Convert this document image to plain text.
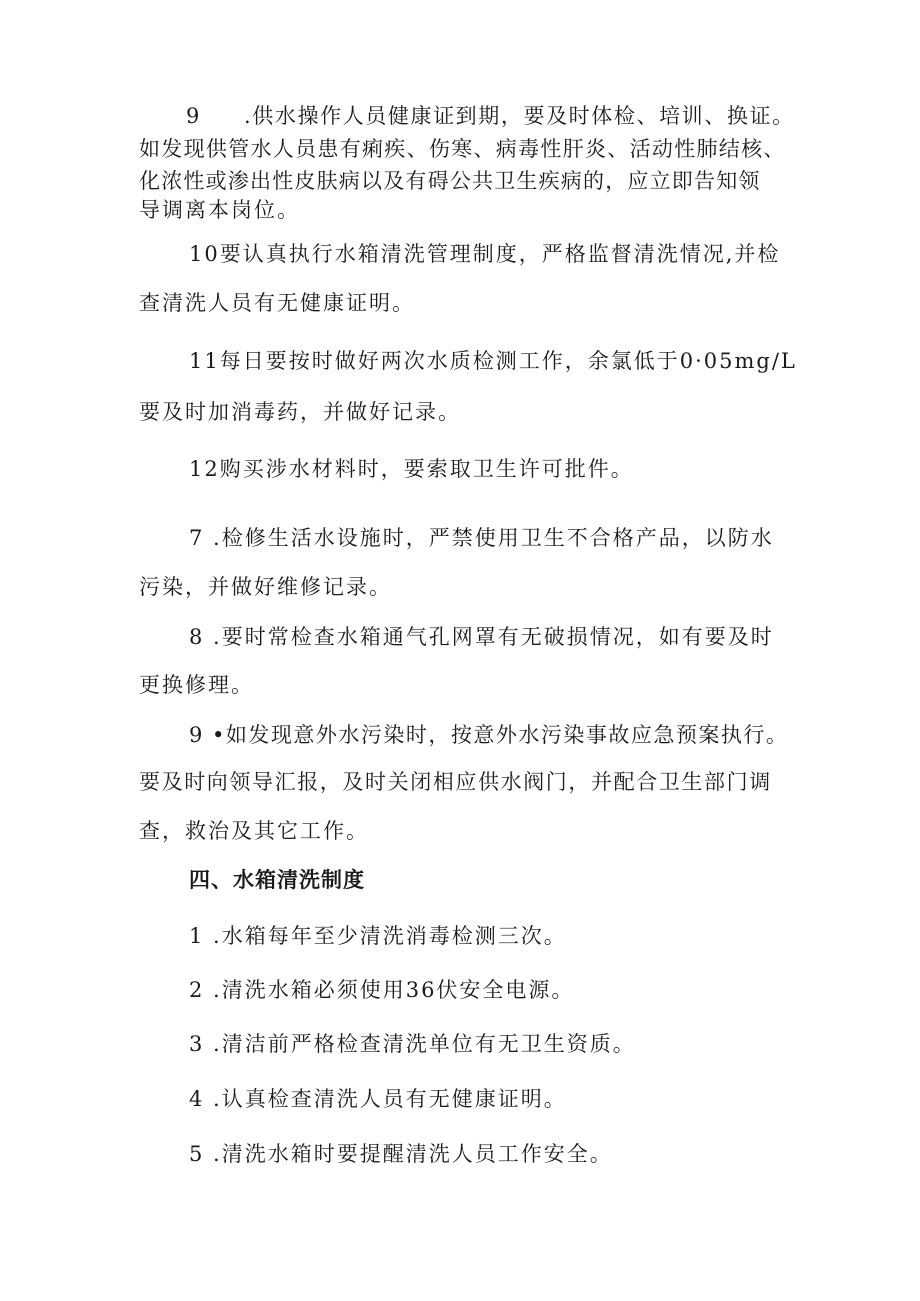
9 .供水操作人员健康证到期，要及时体检、培训、换证。
如发现供管水人员患有痢疾、伤寒、病毒性肝炎、活动性肺结核、
化浓性或渗出性皮肤病以及有碍公共卫生疾病的，应立即告知领
导调离本岗位。
10要认真执行水箱清洗管理制度，严格监督清洗情况,并检
查清洗人员有无健康证明。
11每日要按时做好两次水质检测工作，余氯低于0·05mg∕L
要及时加消毒药，并做好记录。
12购买涉水材料时，要索取卫生许可批件。
7 .检修生活水设施时，严禁使用卫生不合格产品，以防水
污染，并做好维修记录。
8 .要时常检查水箱通气孔网罩有无破损情况，如有要及时
更换修理。
9 •如发现意外水污染时，按意外水污染事故应急预案执行。
要及时向领导汇报，及时关闭相应供水阀门，并配合卫生部门调
查，救治及其它工作。
四、水箱清洗制度
1 .水箱每年至少清洗消毒检测三次。
2 .清洗水箱必须使用36伏安全电源。
3 .清洁前严格检查清洗单位有无卫生资质。
4 .认真检查清洗人员有无健康证明。
5 .清洗水箱时要提醒清洗人员工作安全。
